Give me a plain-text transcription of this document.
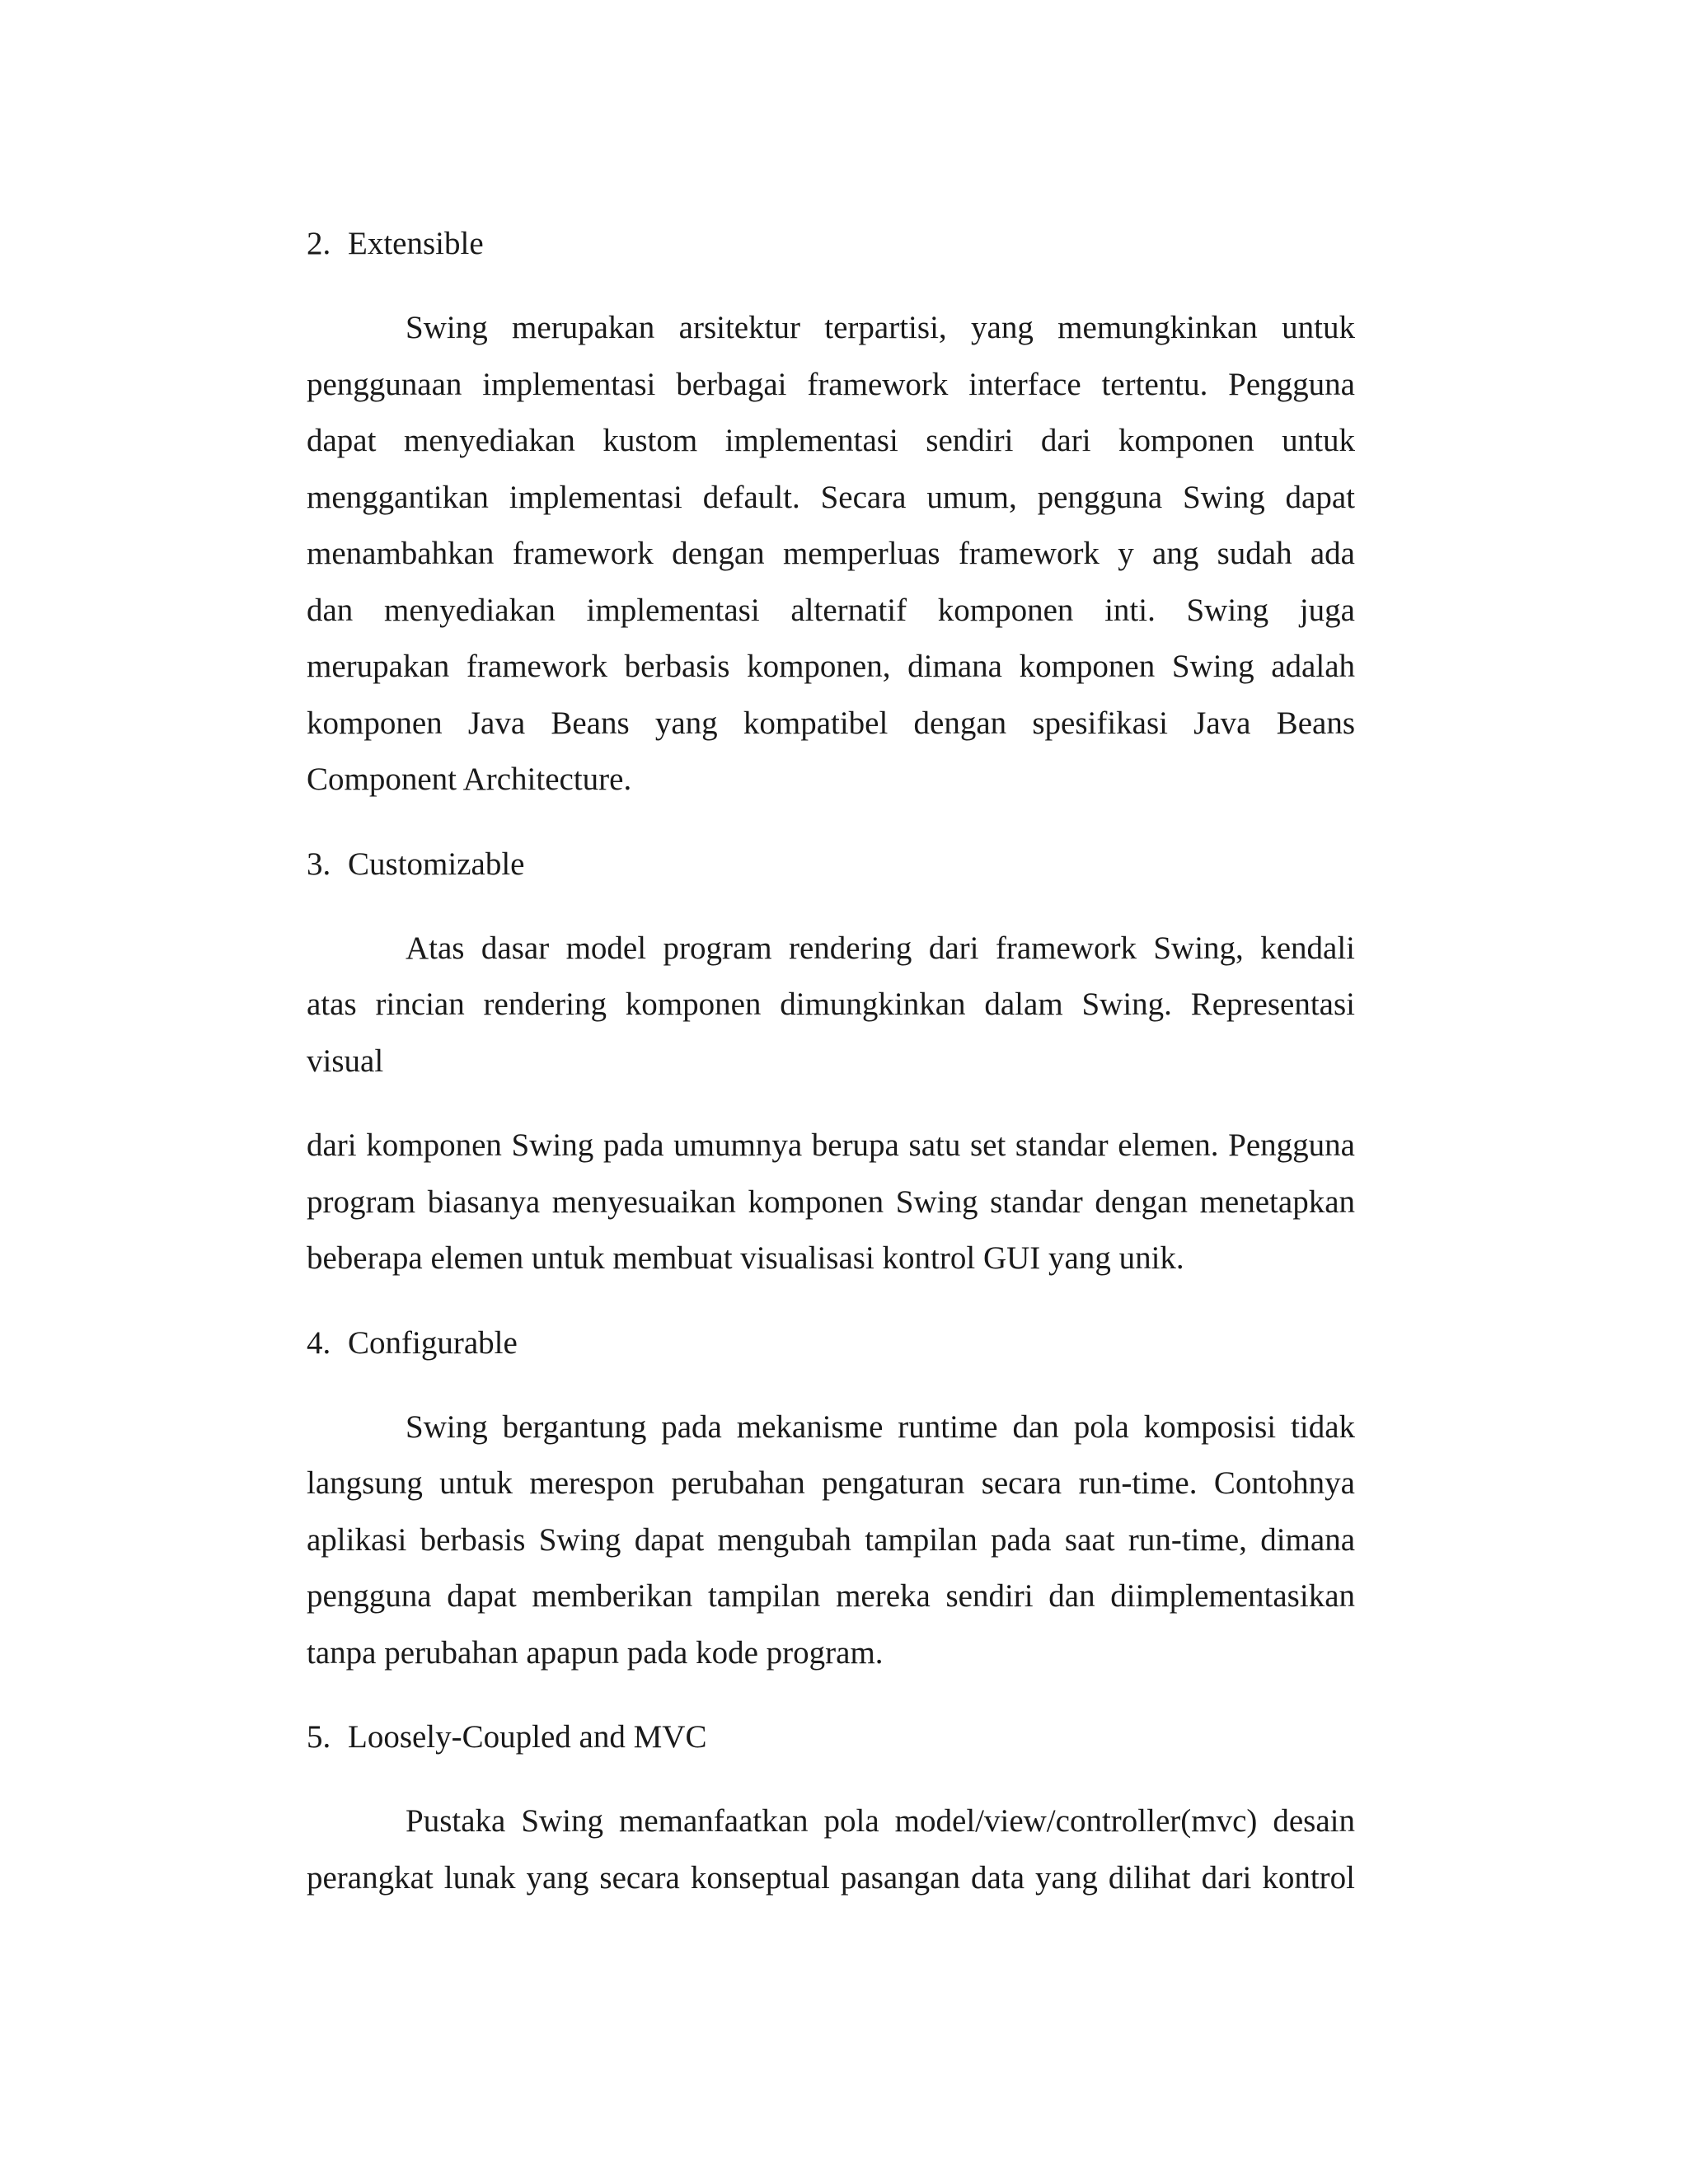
2. Extensible
Swing merupakan arsitektur terpartisi, yang memungkinkan untuk
penggunaan implementasi berbagai framework interface tertentu. Pengguna
dapat menyediakan kustom implementasi sendiri dari komponen untuk
menggantikan implementasi default. Secara umum, pengguna Swing dapat
menambahkan framework dengan memperluas framework y ang sudah ada
dan menyediakan implementasi alternatif komponen inti. Swing juga
merupakan framework berbasis komponen, dimana komponen Swing adalah
komponen Java Beans yang kompatibel dengan spesifikasi Java Beans
Component Architecture.
3. Customizable
Atas dasar model program rendering dari framework Swing, kendali
atas rincian rendering komponen dimungkinkan dalam Swing. Representasi
visual
dari komponen Swing pada umumnya berupa satu set standar elemen. Pengguna
program biasanya menyesuaikan komponen Swing standar dengan menetapkan
beberapa elemen untuk membuat visualisasi kontrol GUI yang unik.
4. Configurable
Swing bergantung pada mekanisme runtime dan pola komposisi tidak
langsung untuk merespon perubahan pengaturan secara run-time. Contohnya
aplikasi berbasis Swing dapat mengubah tampilan pada saat run-time, dimana
pengguna dapat memberikan tampilan mereka sendiri dan diimplementasikan
tanpa perubahan apapun pada kode program.
5. Loosely-Coupled and MVC
Pustaka Swing memanfaatkan pola model/view/controller(mvc) desain
perangkat lunak yang secara konseptual pasangan data yang dilihat dari kontrol
